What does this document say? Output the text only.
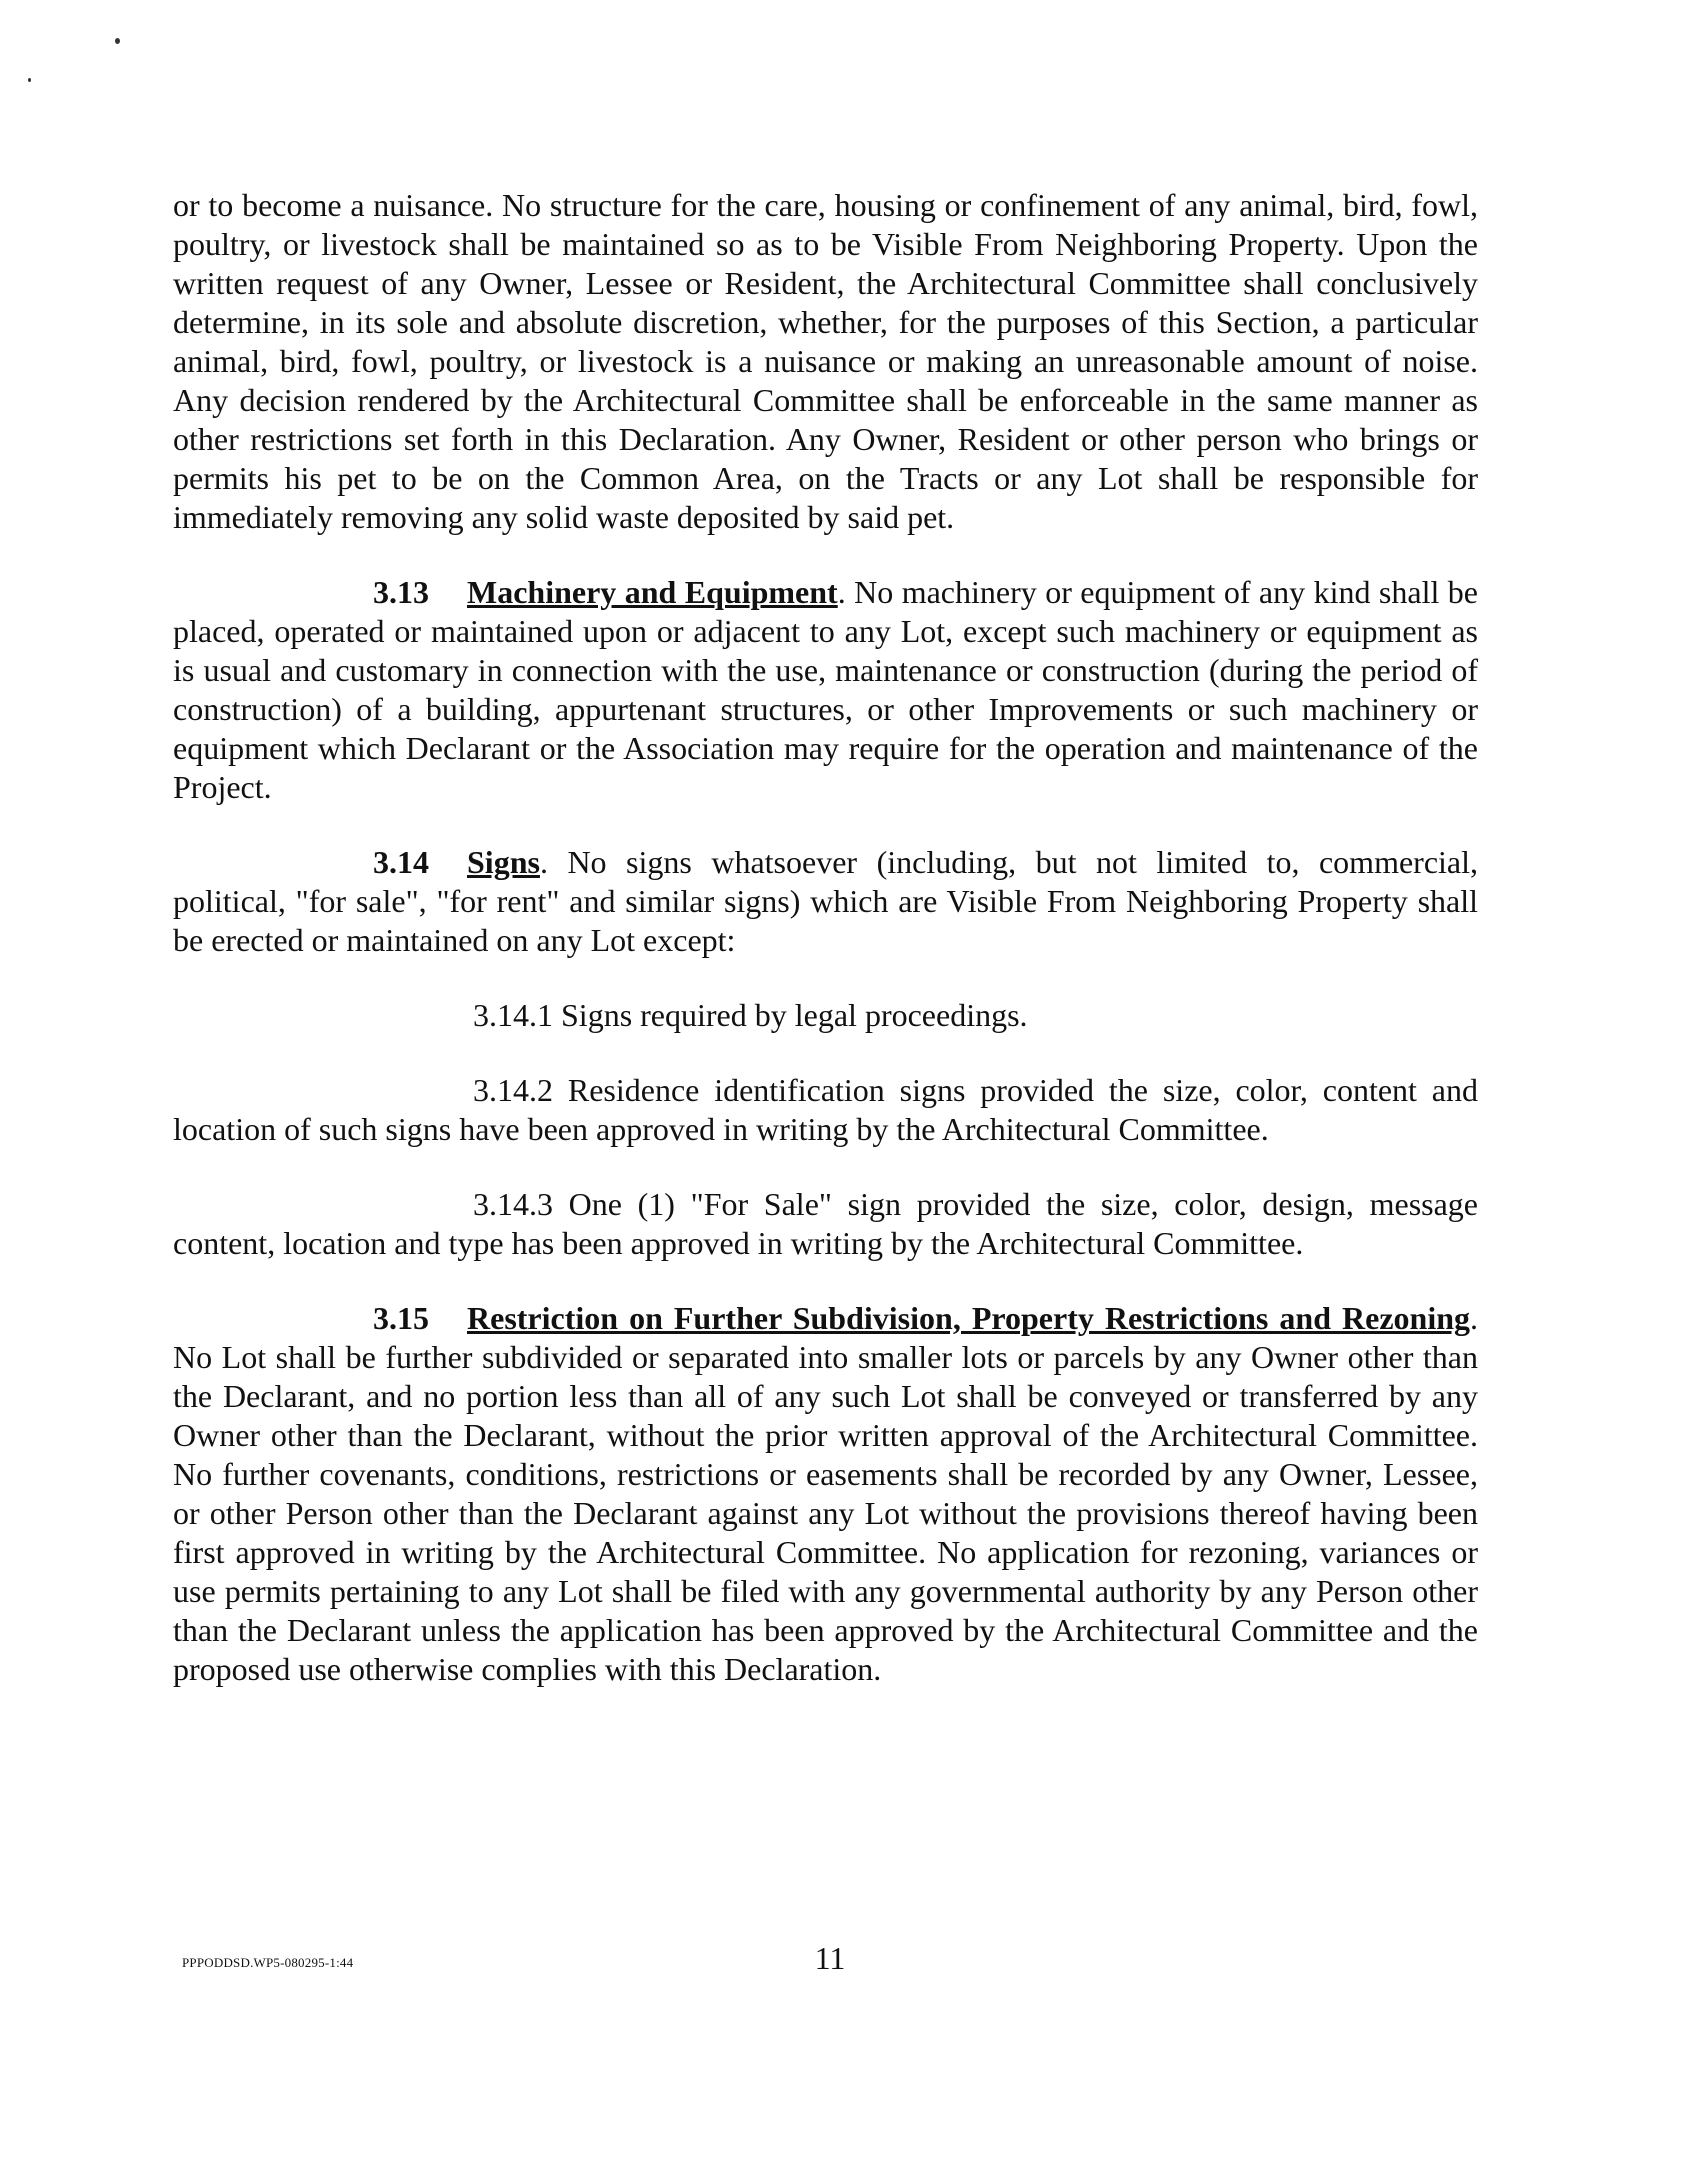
or to become a nuisance. No structure for the care, housing or confinement of any animal, bird, fowl, poultry, or livestock shall be maintained so as to be Visible From Neighboring Property. Upon the written request of any Owner, Lessee or Resident, the Architectural Committee shall conclusively determine, in its sole and absolute discretion, whether, for the purposes of this Section, a particular animal, bird, fowl, poultry, or livestock is a nuisance or making an unreasonable amount of noise. Any decision rendered by the Architectural Committee shall be enforceable in the same manner as other restrictions set forth in this Declaration. Any Owner, Resident or other person who brings or permits his pet to be on the Common Area, on the Tracts or any Lot shall be responsible for immediately removing any solid waste deposited by said pet.

3.13 Machinery and Equipment. No machinery or equipment of any kind shall be placed, operated or maintained upon or adjacent to any Lot, except such machinery or equipment as is usual and customary in connection with the use, maintenance or construction (during the period of construction) of a building, appurtenant structures, or other Improvements or such machinery or equipment which Declarant or the Association may require for the operation and maintenance of the Project.

3.14 Signs. No signs whatsoever (including, but not limited to, commercial, political, "for sale", "for rent" and similar signs) which are Visible From Neighboring Property shall be erected or maintained on any Lot except:

3.14.1 Signs required by legal proceedings.

3.14.2 Residence identification signs provided the size, color, content and location of such signs have been approved in writing by the Architectural Committee.

3.14.3 One (1) "For Sale" sign provided the size, color, design, message content, location and type has been approved in writing by the Architectural Committee.

3.15 Restriction on Further Subdivision, Property Restrictions and Rezoning. No Lot shall be further subdivided or separated into smaller lots or parcels by any Owner other than the Declarant, and no portion less than all of any such Lot shall be conveyed or transferred by any Owner other than the Declarant, without the prior written approval of the Architectural Committee. No further covenants, conditions, restrictions or easements shall be recorded by any Owner, Lessee, or other Person other than the Declarant against any Lot without the provisions thereof having been first approved in writing by the Architectural Committee. No application for rezoning, variances or use permits pertaining to any Lot shall be filed with any governmental authority by any Person other than the Declarant unless the application has been approved by the Architectural Committee and the proposed use otherwise complies with this Declaration.

PPPODDSD.WP5-080295-1:44	11
